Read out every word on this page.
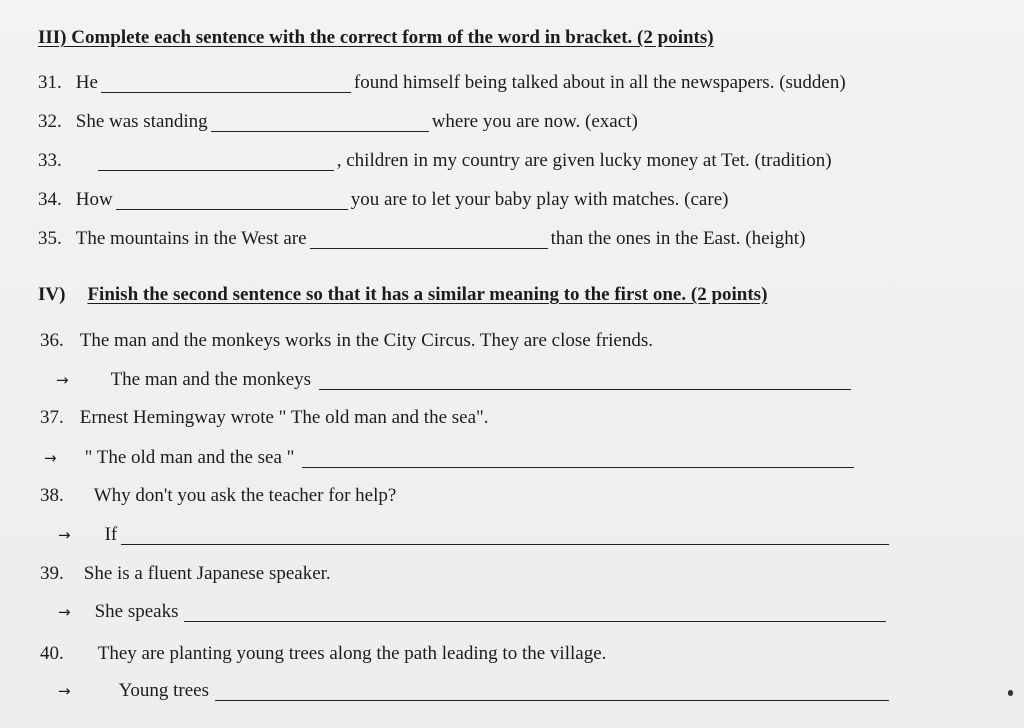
III) Complete each sentence with the correct form of the word in bracket. (2 points)
31. He	found himself being talked about in all the newspapers. (sudden)
32. She was standing	where you are now. (exact)
33.	, children in my country are given lucky money at Tet. (tradition)
34. How	you are to let your baby play with matches. (care)
35. The mountains in the West are	than the ones in the East. (height)
IV) Finish the second sentence so that it has a similar meaning to the first one. (2 points)
36. The man and the monkeys works in the City Circus. They are close friends.
→ The man and the monkeys
37. Ernest Hemingway wrote " The old man and the sea".
→ " The old man and the sea "
38. Why don't you ask the teacher for help?
→ If
39. She is a fluent Japanese speaker.
→ She speaks
40. They are planting young trees along the path leading to the village.
→	Young trees
